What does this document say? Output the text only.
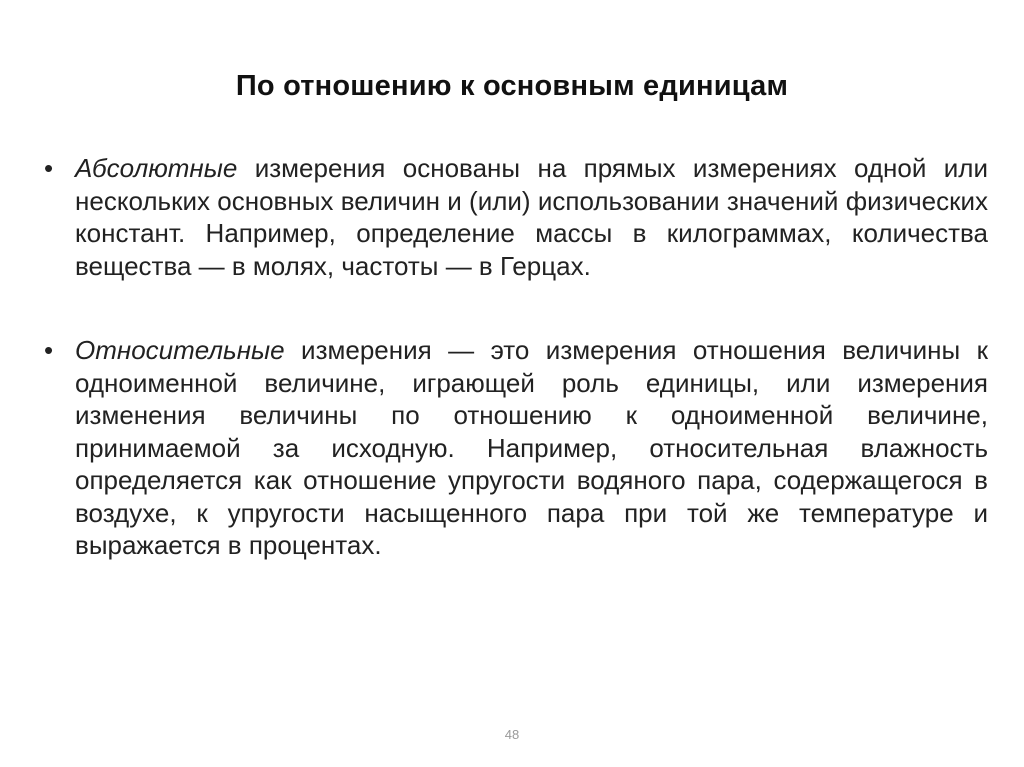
По отношению к основным единицам
• Абсолютные измерения основаны на прямых измерениях одной или нескольких основных величин и (или) использовании значений физических констант. Например, определение массы в килограммах, количества вещества — в молях, частоты — в Герцах.
• Относительные измерения — это измерения отношения величины к одноименной величине, играющей роль единицы, или измерения изменения величины по отношению к одноименной величине, принимаемой за исходную. Например, относительная влажность определяется как отношение упругости водяного пара, содержащегося в воздухе, к упругости насыщенного пара при той же температуре и выражается в процентах.
48
